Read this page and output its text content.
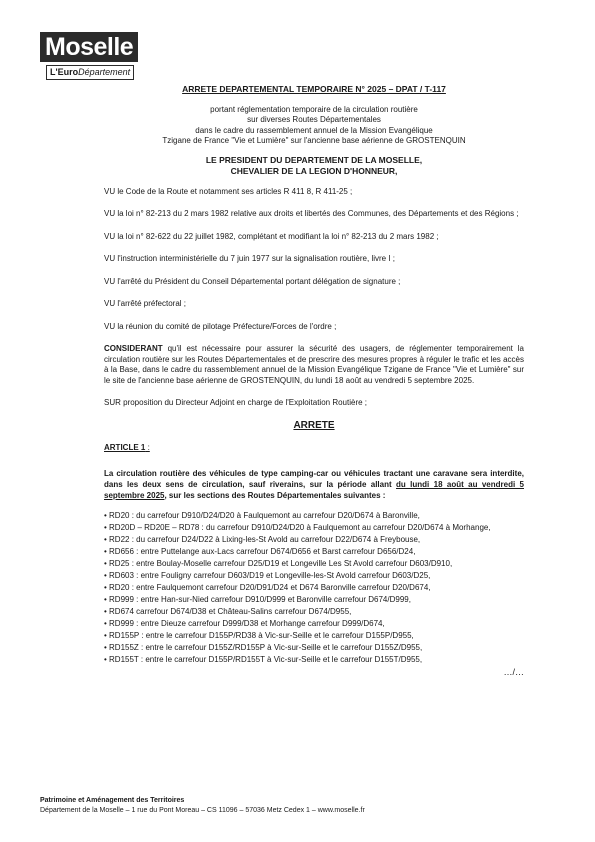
Moselle
L'EuroDépartement
ARRETE DEPARTEMENTAL TEMPORAIRE N° 2025 – DPAT / T-117
portant réglementation temporaire de la circulation routière
sur diverses Routes Départementales
dans le cadre du rassemblement annuel de la Mission Evangélique
Tzigane de France "Vie et Lumière" sur l'ancienne base aérienne de GROSTENQUIN
LE PRESIDENT DU DEPARTEMENT DE LA MOSELLE,
CHEVALIER DE LA LEGION D'HONNEUR,

VU le Code de la Route et notamment ses articles R 411 8, R 411-25 ;

VU la loi n° 82-213 du 2 mars 1982 relative aux droits et libertés des Communes, des Départements et des Régions ;

VU la loi n° 82-622 du 22 juillet 1982, complétant et modifiant la loi n° 82-213 du 2 mars 1982 ;

VU l'instruction interministérielle du 7 juin 1977 sur la signalisation routière, livre I ;

VU l'arrêté du Président du Conseil Départemental portant délégation de signature ;

VU l'arrêté préfectoral ;

VU la réunion du comité de pilotage Préfecture/Forces de l'ordre ;

CONSIDERANT qu'il est nécessaire pour assurer la sécurité des usagers, de réglementer temporairement la circulation routière sur les Routes Départementales et de prescrire des mesures propres à réguler le trafic et les accès à la Base, dans le cadre du rassemblement annuel de la Mission Evangélique Tzigane de France "Vie et Lumière" sur le site de l'ancienne base aérienne de GROSTENQUIN, du lundi 18 août au vendredi 5 septembre 2025.

SUR proposition du Directeur Adjoint en charge de l'Exploitation Routière ;

ARRETE
ARTICLE 1 :
La circulation routière des véhicules de type camping-car ou véhicules tractant une caravane sera interdite, dans les deux sens de circulation, sauf riverains, sur la période allant du lundi 18 août au vendredi 5 septembre 2025, sur les sections des Routes Départementales suivantes :
• RD20 : du carrefour D910/D24/D20 à Faulquemont au carrefour D20/D674 à Baronville,
• RD20D – RD20E – RD78 : du carrefour D910/D24/D20 à Faulquemont au carrefour D20/D674 à Morhange,
• RD22 : du carrefour D24/D22 à Lixing-les-St Avold au carrefour D22/D674 à Freybouse,
• RD656 : entre Puttelange aux-Lacs carrefour D674/D656 et Barst carrefour D656/D24,
• RD25 : entre Boulay-Moselle carrefour D25/D19 et Longeville Les St Avold carrefour D603/D910,
• RD603 : entre Fouligny carrefour D603/D19 et Longeville-les-St Avold carrefour D603/D25,
• RD20 : entre Faulquemont carrefour D20/D91/D24 et D674 Baronville carrefour D20/D674,
• RD999 : entre Han-sur-Nied carrefour D910/D999 et Baronville carrefour D674/D999,
• RD674 carrefour D674/D38 et Château-Salins carrefour D674/D955,
• RD999 : entre Dieuze carrefour D999/D38 et Morhange carrefour D999/D674,
• RD155P : entre le carrefour D155P/RD38 à Vic-sur-Seille et le carrefour D155P/D955,
• RD155Z : entre le carrefour D155Z/RD155P à Vic-sur-Seille et le carrefour D155Z/D955,
• RD155T : entre le carrefour D155P/RD155T à Vic-sur-Seille et le carrefour D155T/D955,
…/…
Patrimoine et Aménagement des Territoires
Département de la Moselle – 1 rue du Pont Moreau – CS 11096 – 57036 Metz Cedex 1 – www.moselle.fr
